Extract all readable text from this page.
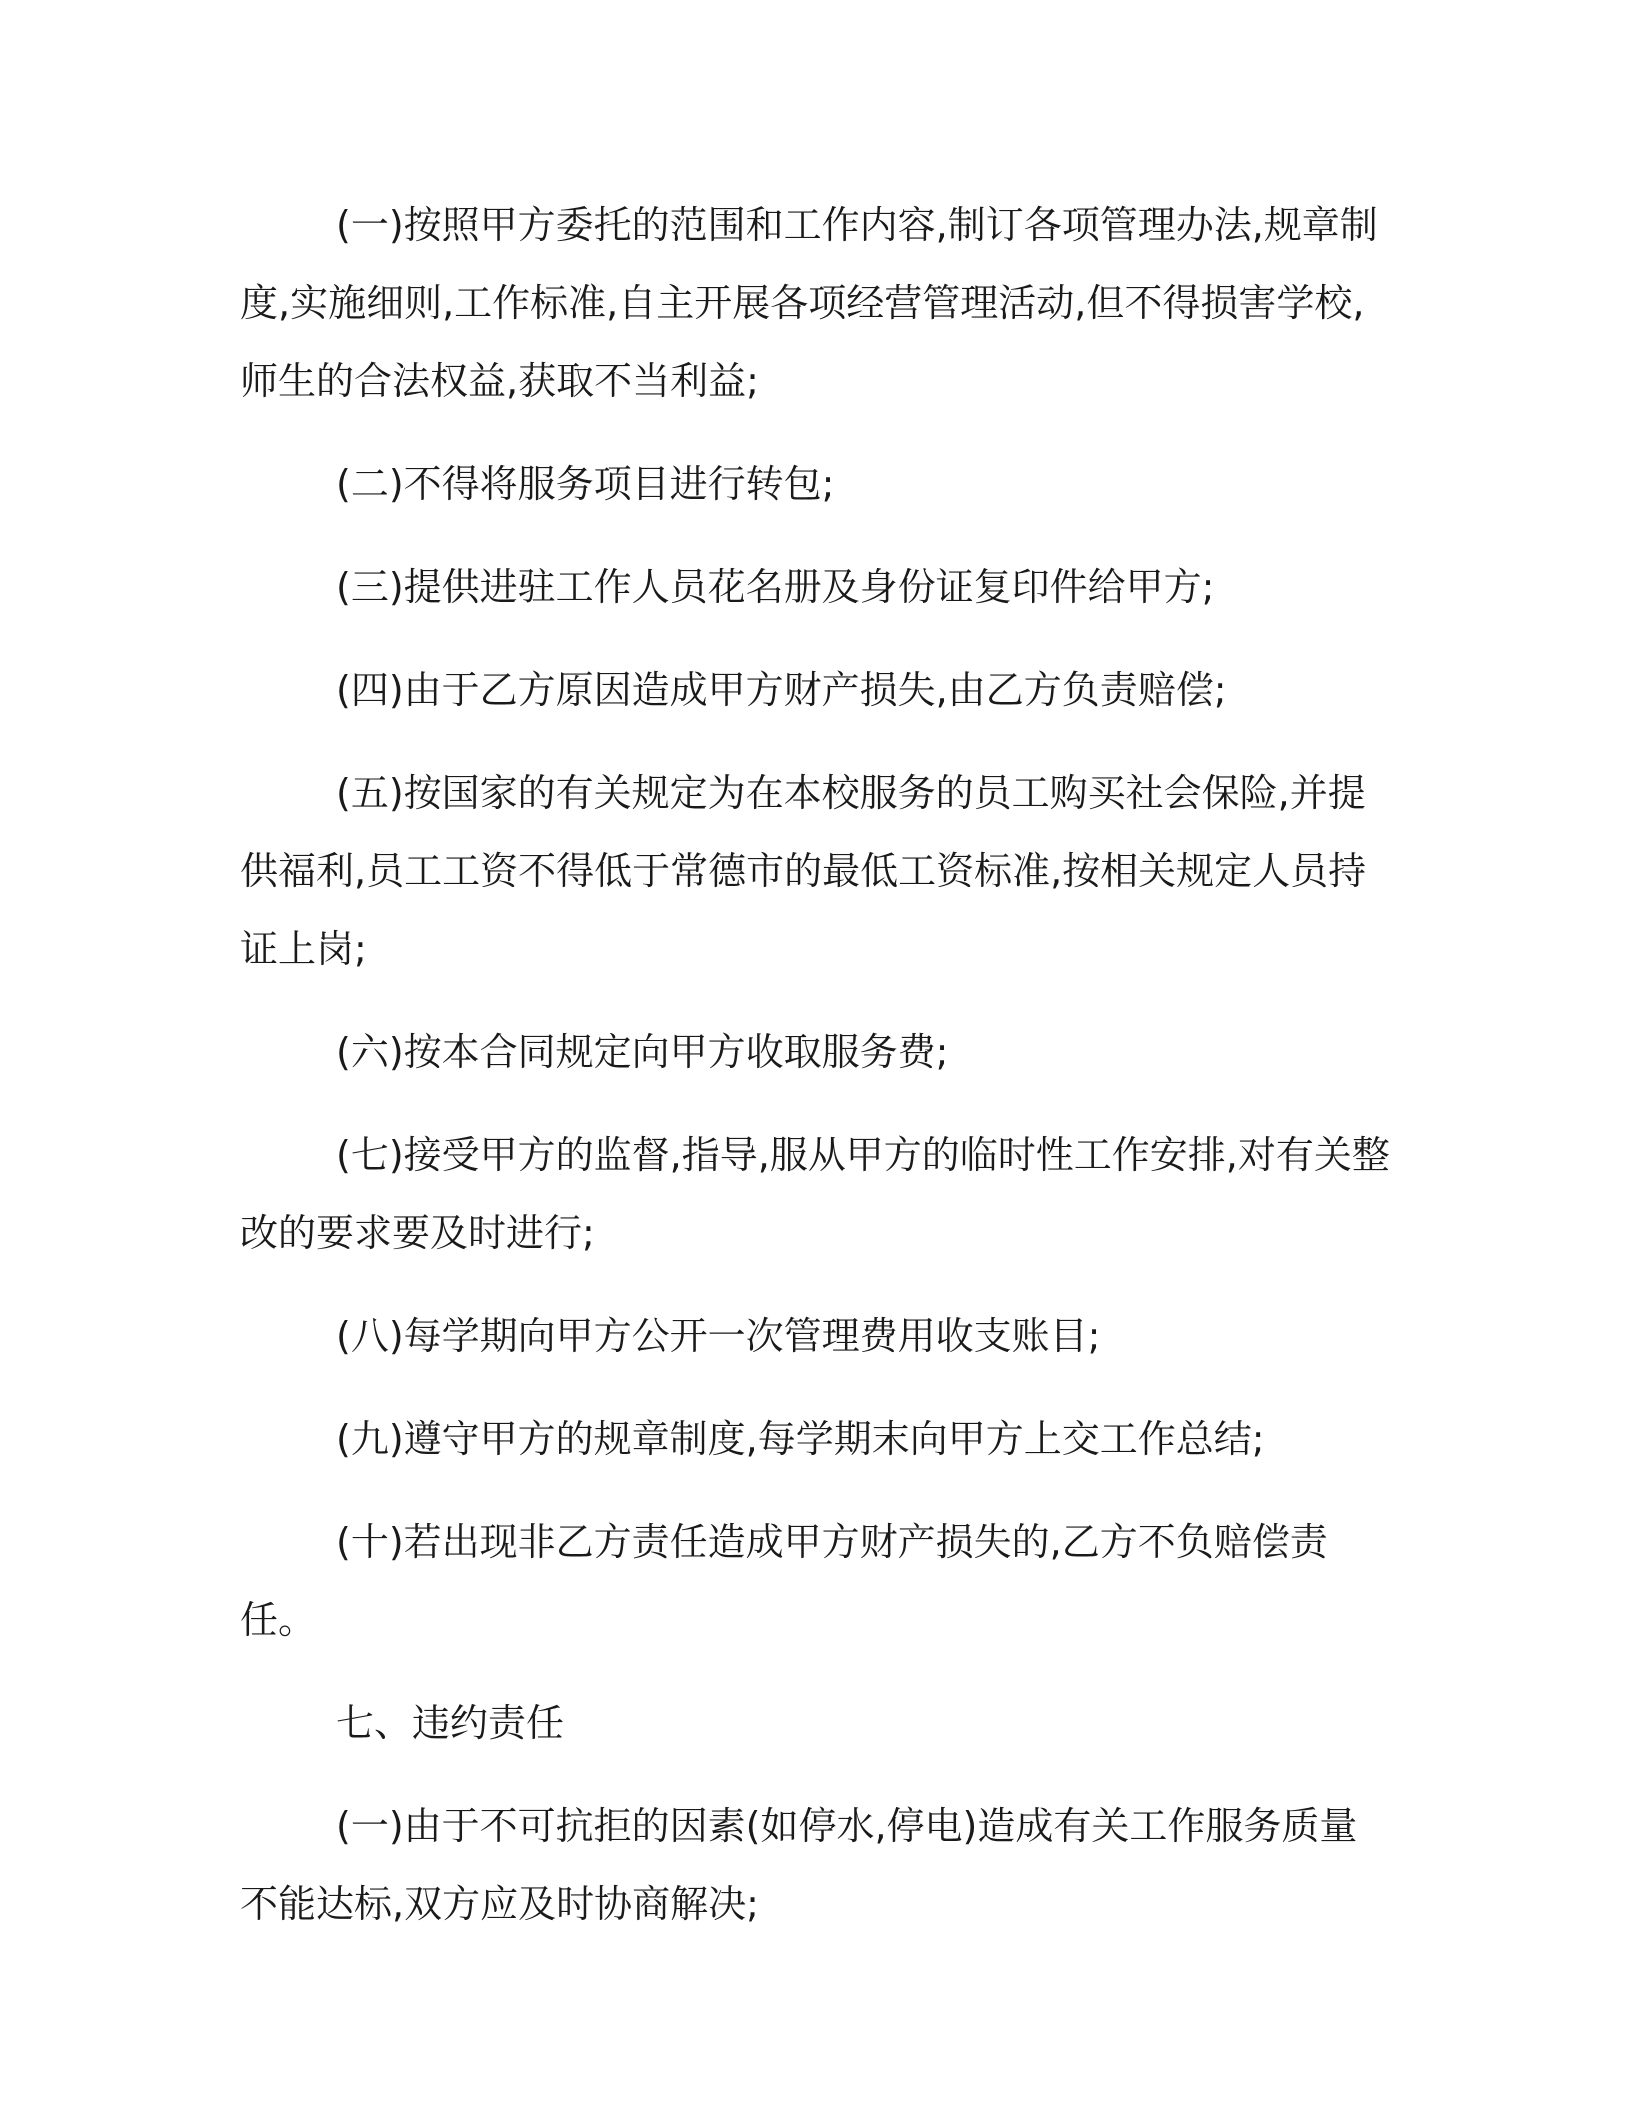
(一)按照甲方委托的范围和工作内容,制订各项管理办法,规章制度,实施细则,工作标准,自主开展各项经营管理活动,但不得损害学校,师生的合法权益,获取不当利益;

(二)不得将服务项目进行转包;

(三)提供进驻工作人员花名册及身份证复印件给甲方;

(四)由于乙方原因造成甲方财产损失,由乙方负责赔偿;

(五)按国家的有关规定为在本校服务的员工购买社会保险,并提供福利,员工工资不得低于常德市的最低工资标准,按相关规定人员持证上岗;

(六)按本合同规定向甲方收取服务费;

(七)接受甲方的监督,指导,服从甲方的临时性工作安排,对有关整改的要求要及时进行;

(八)每学期向甲方公开一次管理费用收支账目;

(九)遵守甲方的规章制度,每学期末向甲方上交工作总结;

(十)若出现非乙方责任造成甲方财产损失的,乙方不负赔偿责任。

七、违约责任

(一)由于不可抗拒的因素(如停水,停电)造成有关工作服务质量不能达标,双方应及时协商解决;
